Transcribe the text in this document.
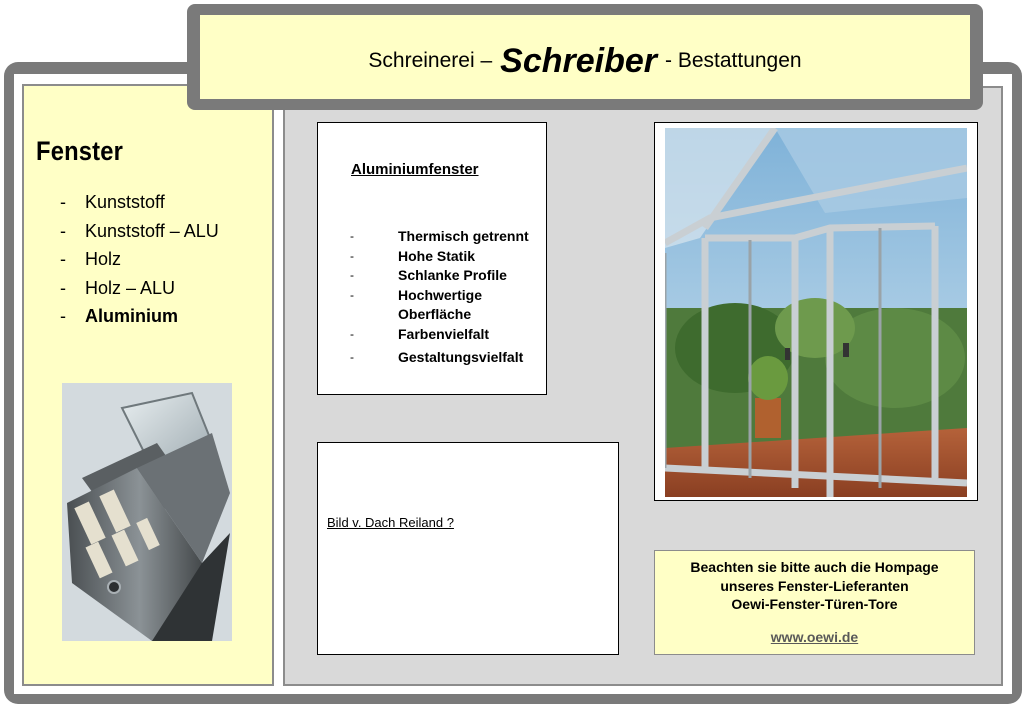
Fenster
- Kunststoff
- Kunststoff – ALU
- Holz
- Holz – ALU
- Aluminium
Schreinerei – Schreiber - Bestattungen
Aluminiumfenster
-	Thermisch getrennt
-	Hohe Statik
-	Schlanke Profile
-	Hochwertige Oberfläche
-	Farbenvielfalt
-	Gestaltungsvielfalt
Bild v. Dach Reiland ?
Beachten sie bitte auch die Hompage
unseres Fenster-Lieferanten
Oewi-Fenster-Türen-Tore
www.oewi.de
